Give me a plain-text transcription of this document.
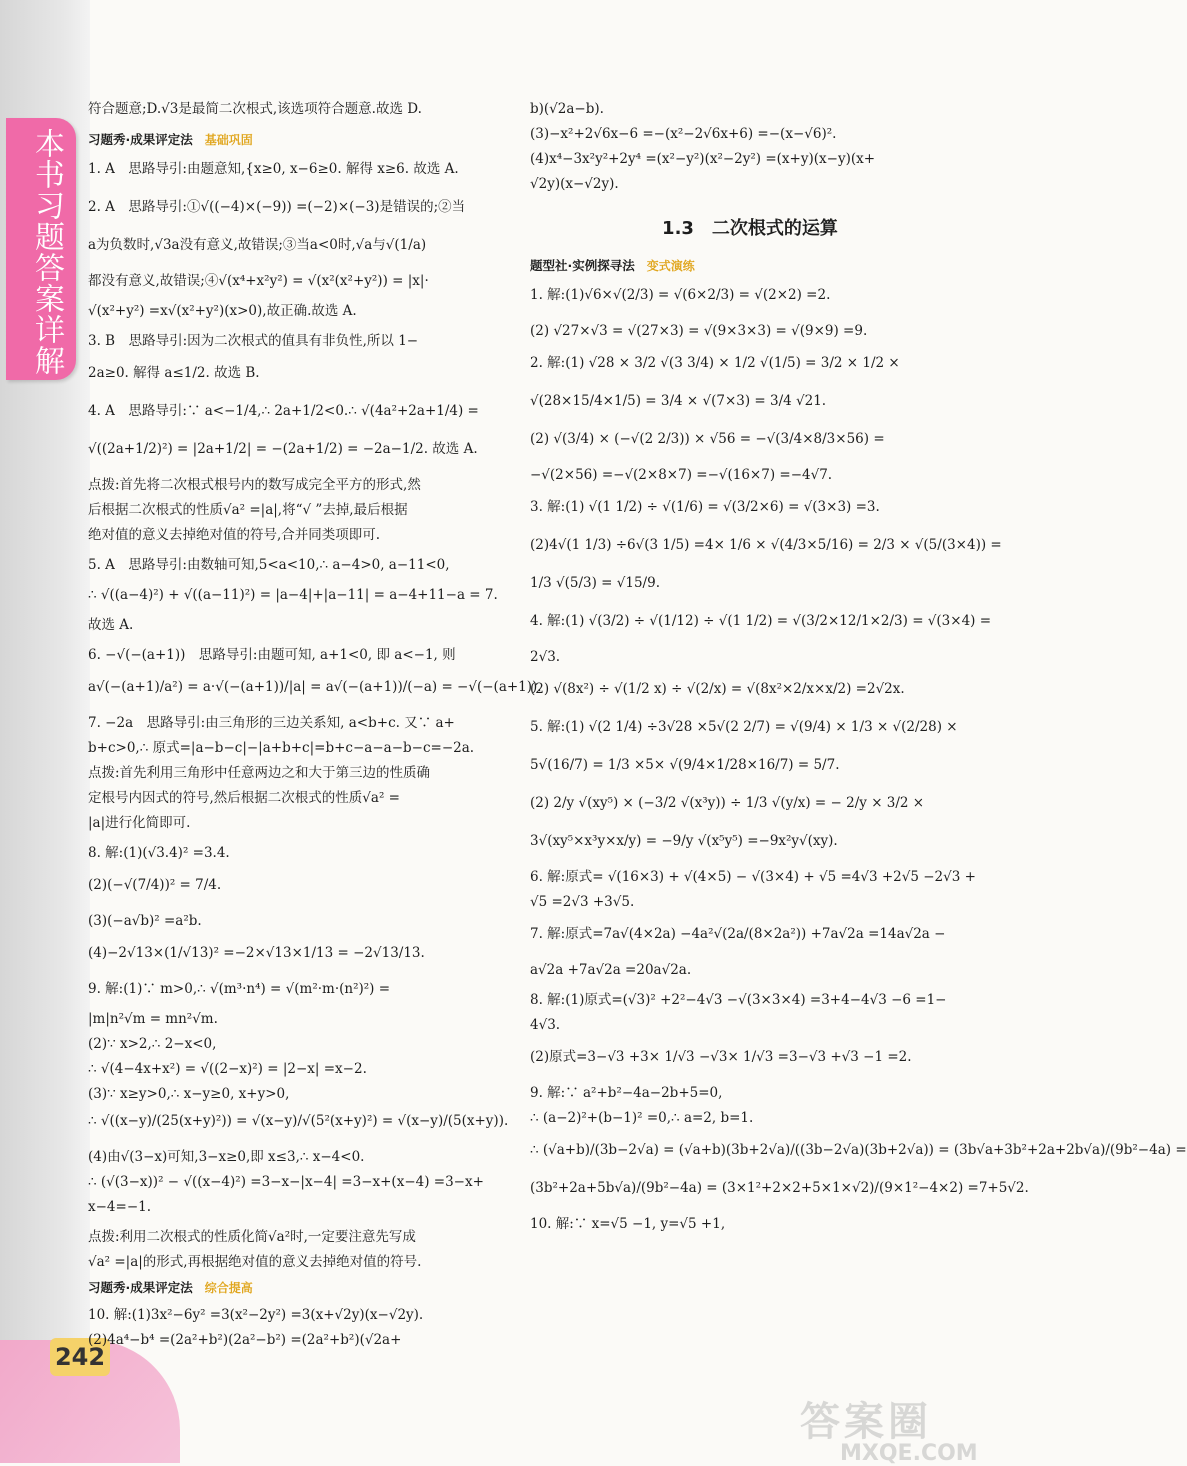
本书习题答案详解
242
答案圈
MXQE.COM
符合题意;D.√3是最简二次根式,该选项符合题意.故选 D.
习题秀·成果评定法 基础巩固
1. A　思路导引:由题意知,{x≥0, x−6≥0. 解得 x≥6. 故选 A.
2. A　思路导引:①√((−4)×(−9)) =(−2)×(−3)是错误的;②当
a为负数时,√3a没有意义,故错误;③当a<0时,√a与√(1/a)
都没有意义,故错误;④√(x⁴+x²y²) = √(x²(x²+y²)) = |x|·
√(x²+y²) =x√(x²+y²)(x>0),故正确.故选 A.
3. B　思路导引:因为二次根式的值具有非负性,所以 1−
2a≥0. 解得 a≤1/2. 故选 B.
4. A　思路导引:∵ a<−1/4,∴ 2a+1/2<0.∴ √(4a²+2a+1/4) =
√((2a+1/2)²) = |2a+1/2| = −(2a+1/2) = −2a−1/2. 故选 A.
点拨:首先将二次根式根号内的数写成完全平方的形式,然
后根据二次根式的性质√a² =|a|,将“√ ”去掉,最后根据
绝对值的意义去掉绝对值的符号,合并同类项即可.
5. A　思路导引:由数轴可知,5<a<10,∴ a−4>0, a−11<0,
∴ √((a−4)²) + √((a−11)²) = |a−4|+|a−11| = a−4+11−a = 7.
故选 A.
6. −√(−(a+1))　思路导引:由题可知, a+1<0, 即 a<−1, 则
a√(−(a+1)/a²) = a·√(−(a+1))/|a| = a√(−(a+1))/(−a) = −√(−(a+1)).
7. −2a　思路导引:由三角形的三边关系知, a<b+c. 又∵ a+
b+c>0,∴ 原式=|a−b−c|−|a+b+c|=b+c−a−a−b−c=−2a.
点拨:首先利用三角形中任意两边之和大于第三边的性质确
定根号内因式的符号,然后根据二次根式的性质√a² =
|a|进行化简即可.
8. 解:(1)(√3.4)² =3.4.
(2)(−√(7/4))² = 7/4.
(3)(−a√b)² =a²b.
(4)−2√13×(1/√13)² =−2×√13×1/13 = −2√13/13.
9. 解:(1)∵ m>0,∴ √(m³·n⁴) = √(m²·m·(n²)²) =
|m|n²√m = mn²√m.
(2)∵ x>2,∴ 2−x<0,
∴ √(4−4x+x²) = √((2−x)²) = |2−x| =x−2.
(3)∵ x≥y>0,∴ x−y≥0, x+y>0,
∴ √((x−y)/(25(x+y)²)) = √(x−y)/√(5²(x+y)²) = √(x−y)/(5(x+y)).
(4)由√(3−x)可知,3−x≥0,即 x≤3,∴ x−4<0.
∴ (√(3−x))² − √((x−4)²) =3−x−|x−4| =3−x+(x−4) =3−x+
x−4=−1.
点拨:利用二次根式的性质化简√a²时,一定要注意先写成
√a² =|a|的形式,再根据绝对值的意义去掉绝对值的符号.
习题秀·成果评定法 综合提高
10. 解:(1)3x²−6y² =3(x²−2y²) =3(x+√2y)(x−√2y).
(2)4a⁴−b⁴ =(2a²+b²)(2a²−b²) =(2a²+b²)(√2a+
b)(√2a−b).
(3)−x²+2√6x−6 =−(x²−2√6x+6) =−(x−√6)².
(4)x⁴−3x²y²+2y⁴ =(x²−y²)(x²−2y²) =(x+y)(x−y)(x+
√2y)(x−√2y).
1.3　二次根式的运算
题型社·实例探寻法 变式演练
1. 解:(1)√6×√(2/3) = √(6×2/3) = √(2×2) =2.
(2) √27×√3 = √(27×3) = √(9×3×3) = √(9×9) =9.
2. 解:(1) √28 × 3/2 √(3 3/4) × 1/2 √(1/5) = 3/2 × 1/2 ×
√(28×15/4×1/5) = 3/4 × √(7×3) = 3/4 √21.
(2) √(3/4) × (−√(2 2/3)) × √56 = −√(3/4×8/3×56) =
−√(2×56) =−√(2×8×7) =−√(16×7) =−4√7.
3. 解:(1) √(1 1/2) ÷ √(1/6) = √(3/2×6) = √(3×3) =3.
(2)4√(1 1/3) ÷6√(3 1/5) =4× 1/6 × √(4/3×5/16) = 2/3 × √(5/(3×4)) =
1/3 √(5/3) = √15/9.
4. 解:(1) √(3/2) ÷ √(1/12) ÷ √(1 1/2) = √(3/2×12/1×2/3) = √(3×4) =
2√3.
(2) √(8x²) ÷ √(1/2 x) ÷ √(2/x) = √(8x²×2/x×x/2) =2√2x.
5. 解:(1) √(2 1/4) ÷3√28 ×5√(2 2/7) = √(9/4) × 1/3 × √(2/28) ×
5√(16/7) = 1/3 ×5× √(9/4×1/28×16/7) = 5/7.
(2) 2/y √(xy⁵) × (−3/2 √(x³y)) ÷ 1/3 √(y/x) = − 2/y × 3/2 ×
3√(xy⁵×x³y×x/y) = −9/y √(x⁵y⁵) =−9x²y√(xy).
6. 解:原式= √(16×3) + √(4×5) − √(3×4) + √5 =4√3 +2√5 −2√3 +
√5 =2√3 +3√5.
7. 解:原式=7a√(4×2a) −4a²√(2a/(8×2a²)) +7a√2a =14a√2a −
a√2a +7a√2a =20a√2a.
8. 解:(1)原式=(√3)² +2²−4√3 −√(3×3×4) =3+4−4√3 −6 =1−
4√3.
(2)原式=3−√3 +3× 1/√3 −√3× 1/√3 =3−√3 +√3 −1 =2.
9. 解:∵ a²+b²−4a−2b+5=0,
∴ (a−2)²+(b−1)² =0,∴ a=2, b=1.
∴ (√a+b)/(3b−2√a) = (√a+b)(3b+2√a)/((3b−2√a)(3b+2√a)) = (3b√a+3b²+2a+2b√a)/(9b²−4a) =
(3b²+2a+5b√a)/(9b²−4a) = (3×1²+2×2+5×1×√2)/(9×1²−4×2) =7+5√2.
10. 解:∵ x=√5 −1, y=√5 +1,
